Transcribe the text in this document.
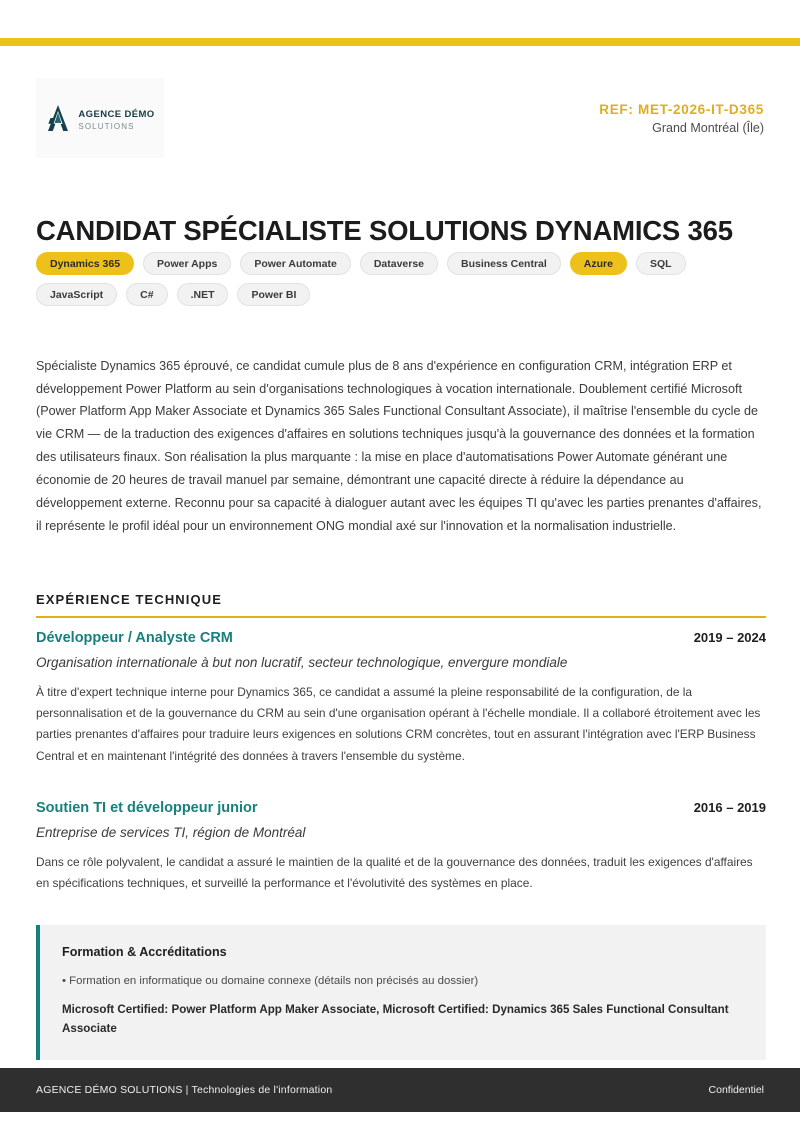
AGENCE DÉMO
SOLUTIONS
REF: MET-2026-IT-D365
Grand Montréal (Île)
CANDIDAT SPÉCIALISTE SOLUTIONS DYNAMICS 365
Dynamics 365	Power Apps	Power Automate	Dataverse	Business Central	Azure	SQL
JavaScript	C#	.NET	Power BI

Spécialiste Dynamics 365 éprouvé, ce candidat cumule plus de 8 ans d'expérience en configuration CRM, intégration ERP et développement Power Platform au sein d'organisations technologiques à vocation internationale. Doublement certifié Microsoft (Power Platform App Maker Associate et Dynamics 365 Sales Functional Consultant Associate), il maîtrise l'ensemble du cycle de vie CRM — de la traduction des exigences d'affaires en solutions techniques jusqu'à la gouvernance des données et la formation des utilisateurs finaux. Son réalisation la plus marquante : la mise en place d'automatisations Power Automate générant une économie de 20 heures de travail manuel par semaine, démontrant une capacité directe à réduire la dépendance au développement externe. Reconnu pour sa capacité à dialoguer autant avec les équipes TI qu'avec les parties prenantes d'affaires, il représente le profil idéal pour un environnement ONG mondial axé sur l'innovation et la normalisation industrielle.

EXPÉRIENCE TECHNIQUE
Développeur / Analyste CRM	2019 – 2024
Organisation internationale à but non lucratif, secteur technologique, envergure mondiale
À titre d'expert technique interne pour Dynamics 365, ce candidat a assumé la pleine responsabilité de la configuration, de la personnalisation et de la gouvernance du CRM au sein d'une organisation opérant à l'échelle mondiale. Il a collaboré étroitement avec les parties prenantes d'affaires pour traduire leurs exigences en solutions CRM concrètes, tout en assurant l'intégration avec l'ERP Business Central et en maintenant l'intégrité des données à travers l'ensemble du système.
Soutien TI et développeur junior	2016 – 2019
Entreprise de services TI, région de Montréal
Dans ce rôle polyvalent, le candidat a assuré le maintien de la qualité et de la gouvernance des données, traduit les exigences d'affaires en spécifications techniques, et surveillé la performance et l'évolutivité des systèmes en place.
Formation & Accréditations
• Formation en informatique ou domaine connexe (détails non précisés au dossier)
Microsoft Certified: Power Platform App Maker Associate, Microsoft Certified: Dynamics 365 Sales Functional Consultant Associate
AGENCE DÉMO SOLUTIONS | Technologies de l'information	Confidentiel
